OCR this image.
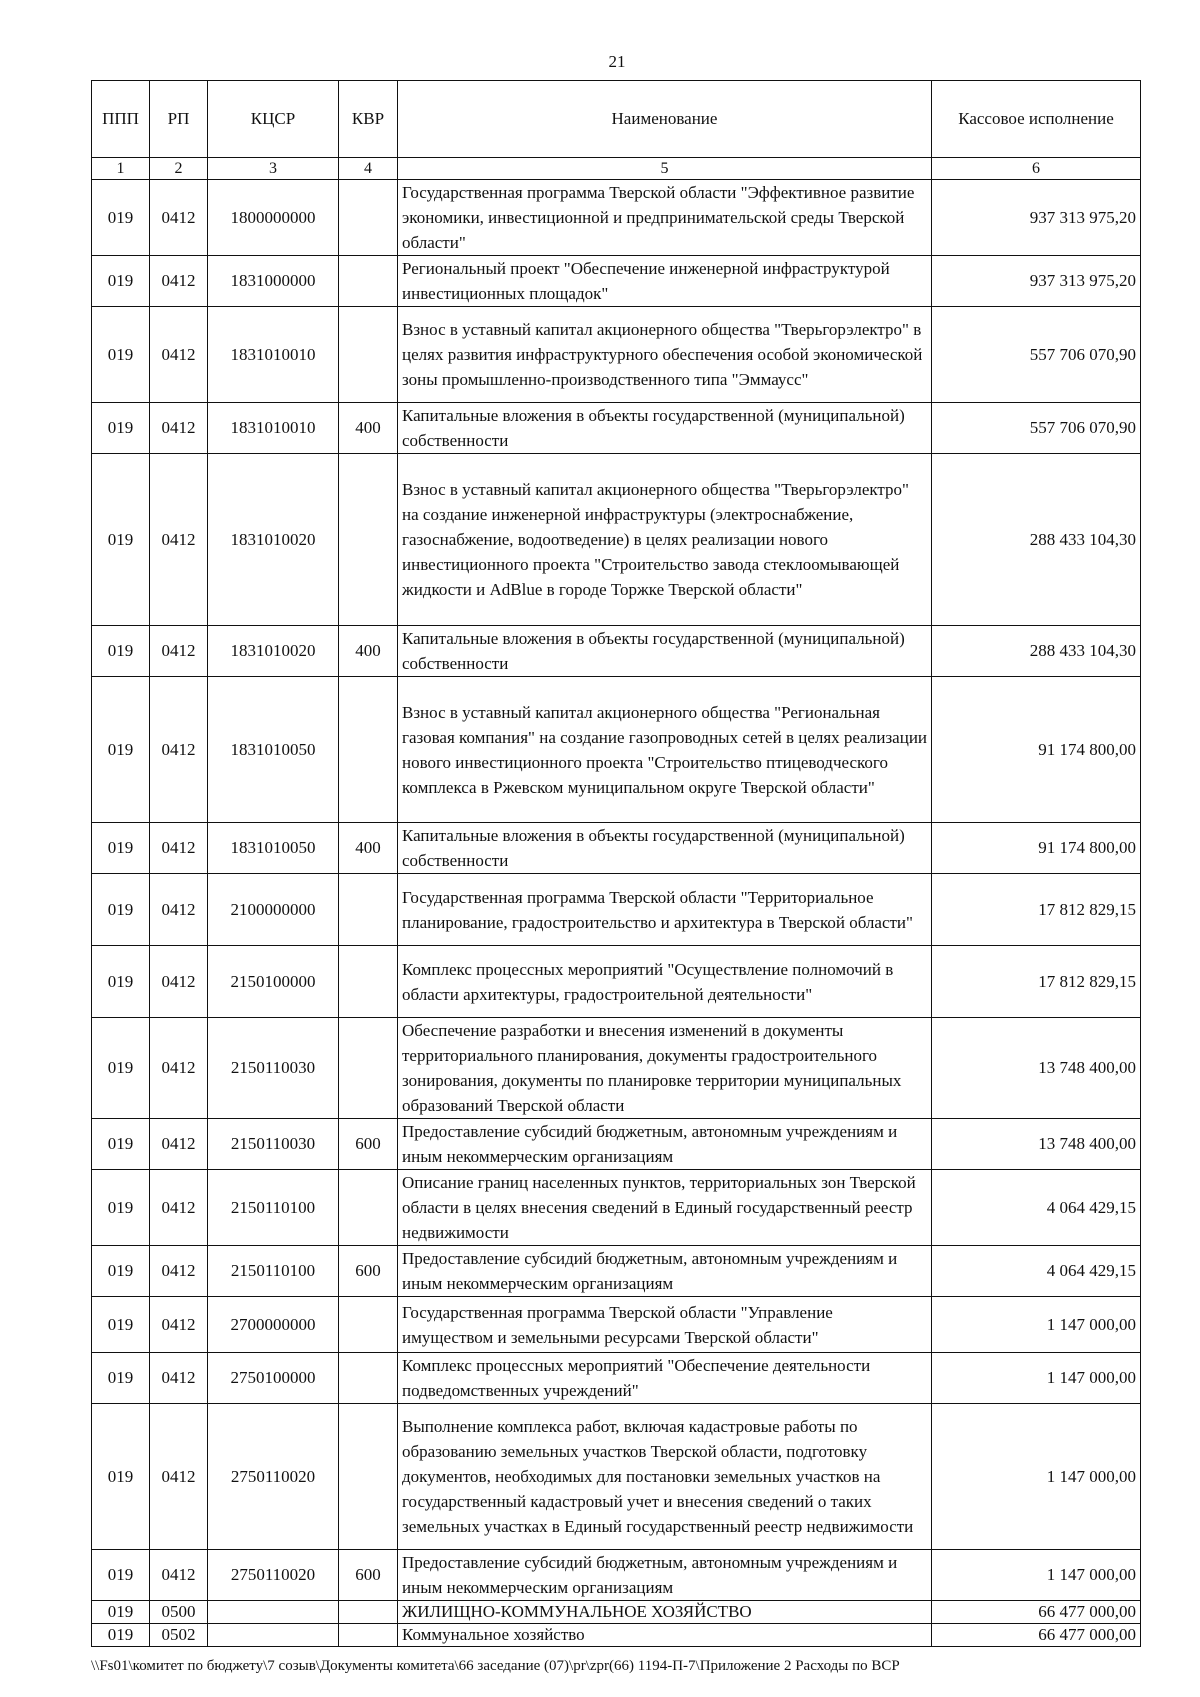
21
ППП	РП	КЦСР	КВР	Наименование	Кассовое исполнение
1	2	3	4	5	6
019	0412	1800000000		Государственная программа Тверской области "Эффективное развитие экономики, инвестиционной и предпринимательской среды Тверской области"	937 313 975,20
019	0412	1831000000		Региональный проект "Обеспечение инженерной инфраструктурой инвестиционных площадок"	937 313 975,20
019	0412	1831010010		Взнос в уставный капитал акционерного общества "Тверьгорэлектро" в целях развития инфраструктурного обеспечения особой экономической зоны промышленно-производственного типа "Эммаусс"	557 706 070,90
019	0412	1831010010	400	Капитальные вложения в объекты государственной (муниципальной) собственности	557 706 070,90
019	0412	1831010020		Взнос в уставный капитал акционерного общества "Тверьгорэлектро" на создание инженерной инфраструктуры (электроснабжение, газоснабжение, водоотведение) в целях реализации нового инвестиционного проекта "Строительство завода стеклоомывающей жидкости и AdBlue в городе Торжке Тверской области"	288 433 104,30
019	0412	1831010020	400	Капитальные вложения в объекты государственной (муниципальной) собственности	288 433 104,30
019	0412	1831010050		Взнос в уставный капитал акционерного общества "Региональная газовая компания" на создание газопроводных сетей в целях реализации нового инвестиционного проекта "Строительство птицеводческого комплекса в Ржевском муниципальном округе Тверской области"	91 174 800,00
019	0412	1831010050	400	Капитальные вложения в объекты государственной (муниципальной) собственности	91 174 800,00
019	0412	2100000000		Государственная программа Тверской области "Территориальное планирование, градостроительство и архитектура в Тверской области"	17 812 829,15
019	0412	2150100000		Комплекс процессных мероприятий "Осуществление полномочий в области архитектуры, градостроительной деятельности"	17 812 829,15
019	0412	2150110030		Обеспечение разработки и внесения изменений в документы территориального планирования, документы градостроительного зонирования, документы по планировке территории муниципальных образований Тверской области	13 748 400,00
019	0412	2150110030	600	Предоставление субсидий бюджетным, автономным учреждениям и иным некоммерческим организациям	13 748 400,00
019	0412	2150110100		Описание границ населенных пунктов, территориальных зон Тверской области в целях внесения сведений в Единый государственный реестр недвижимости	4 064 429,15
019	0412	2150110100	600	Предоставление субсидий бюджетным, автономным учреждениям и иным некоммерческим организациям	4 064 429,15
019	0412	2700000000		Государственная программа Тверской области "Управление имуществом и земельными ресурсами Тверской области"	1 147 000,00
019	0412	2750100000		Комплекс процессных мероприятий "Обеспечение деятельности подведомственных учреждений"	1 147 000,00
019	0412	2750110020		Выполнение комплекса работ, включая кадастровые работы по образованию земельных участков Тверской области, подготовку документов, необходимых для постановки земельных участков на государственный кадастровый учет и внесения сведений о таких земельных участках в Единый государственный реестр недвижимости	1 147 000,00
019	0412	2750110020	600	Предоставление субсидий бюджетным, автономным учреждениям и иным некоммерческим организациям	1 147 000,00
019	0500			ЖИЛИЩНО-КОММУНАЛЬНОЕ ХОЗЯЙСТВО	66 477 000,00
019	0502			Коммунальное хозяйство	66 477 000,00
\\Fs01\комитет по бюджету\7 созыв\Документы комитета\66 заседание (07)\pr\zpr(66) 1194-П-7\Приложение 2 Расходы по ВСР
